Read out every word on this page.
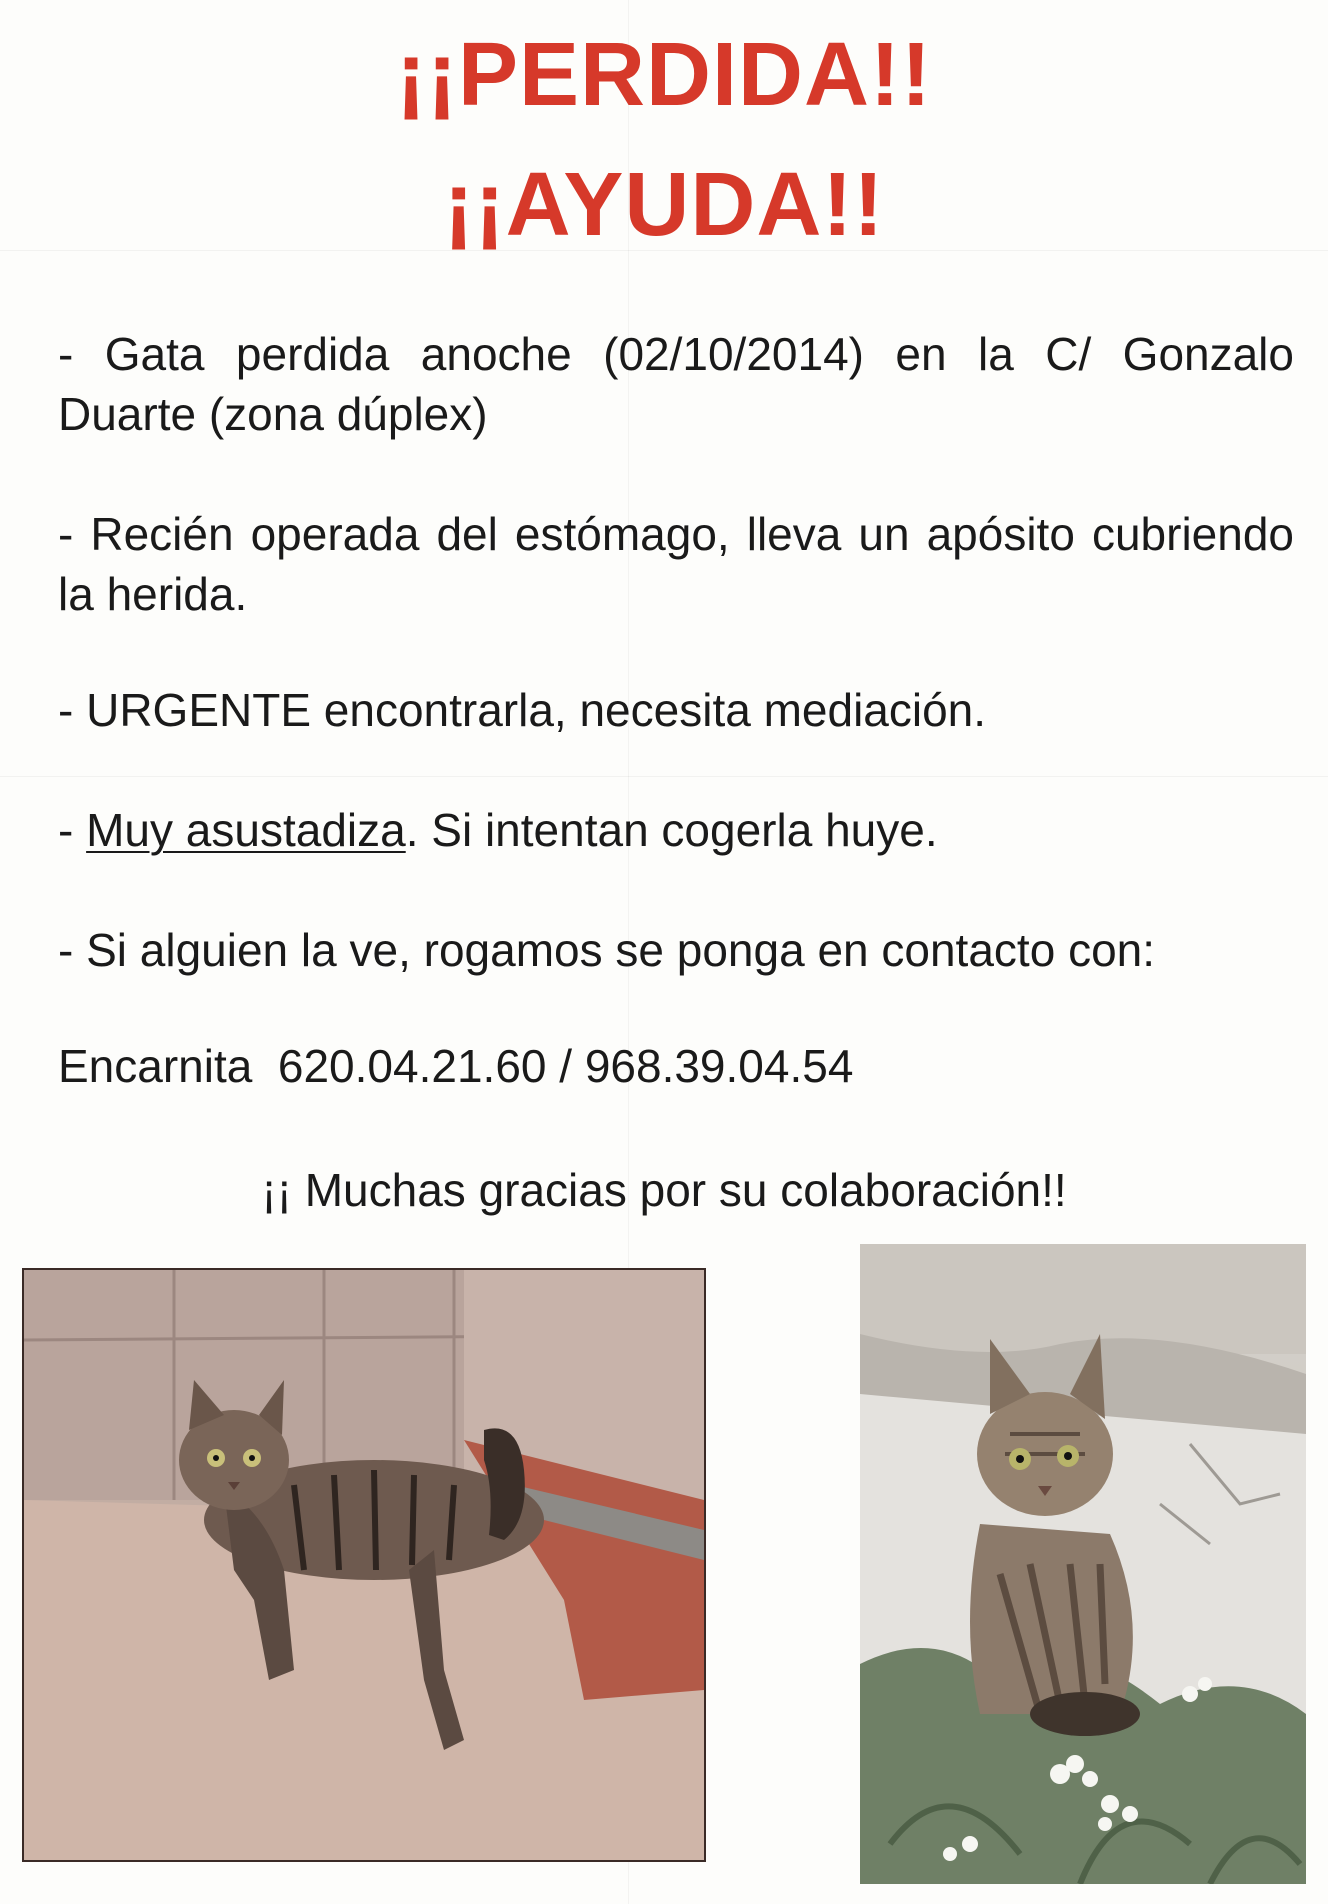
¡¡PERDIDA!!
¡¡AYUDA!!

- Gata perdida anoche (02/10/2014) en la C/ Gonzalo Duarte (zona dúplex)

- Recién operada del estómago, lleva un apósito cubriendo la herida.

- URGENTE encontrarla, necesita mediación.

- Muy asustadiza. Si intentan cogerla huye.

- Si alguien la ve, rogamos se ponga en contacto con:

Encarnita  620.04.21.60 / 968.39.04.54

¡¡ Muchas gracias por su colaboración!!
